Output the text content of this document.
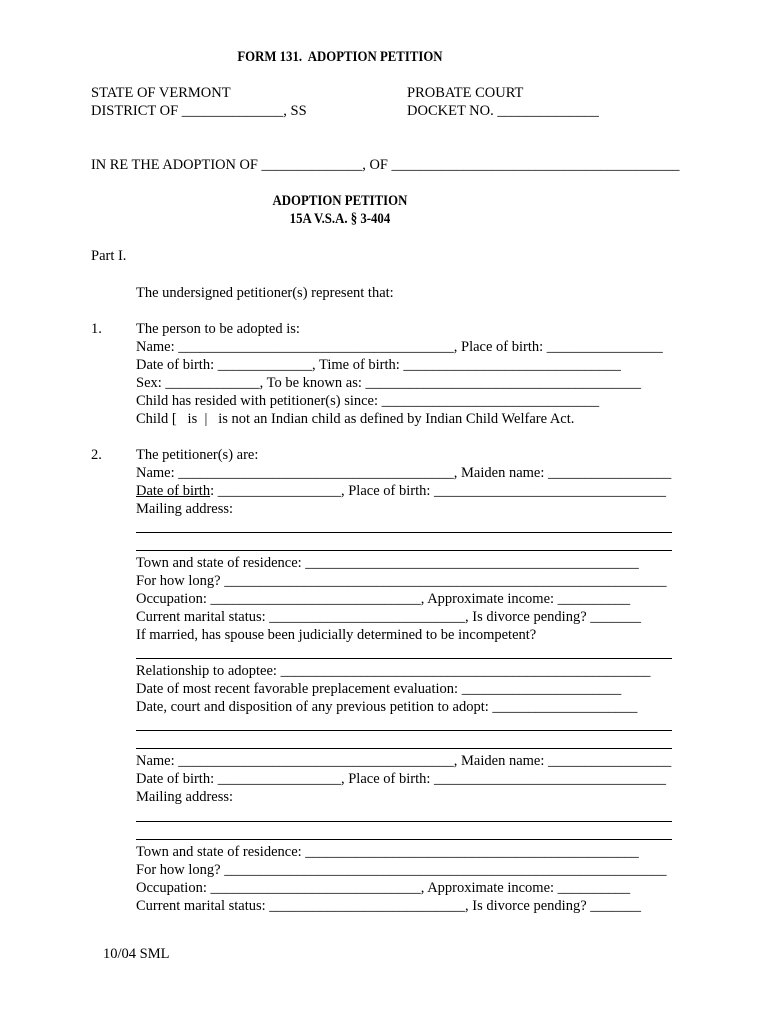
FORM 131.  ADOPTION PETITION
STATE OF VERMONT
DISTRICT OF ______________, SS
PROBATE COURT
DOCKET NO. ______________
IN RE THE ADOPTION OF ______________, OF ________________________________________
ADOPTION PETITION
15A V.S.A. § 3-404
Part I.
The undersigned petitioner(s) represent that:
1. The person to be adopted is:
Name: ______________________________________, Place of birth: ________________
Date of birth: _____________, Time of birth: ______________________________
Sex: _____________, To be known as: ______________________________________
Child has resided with petitioner(s) since: ______________________________
Child [   is  |   is not an Indian child as defined by Indian Child Welfare Act.
2. The petitioner(s) are:
Name: ______________________________________, Maiden name: _________________
Date of birth: _________________, Place of birth: ________________________________
Mailing address:
Town and state of residence: ______________________________________________
For how long? _____________________________________________________________
Occupation: _____________________________, Approximate income: __________
Current marital status: ___________________________, Is divorce pending? _______
If married, has spouse been judicially determined to be incompetent?
Relationship to adoptee: ___________________________________________________
Date of most recent favorable preplacement evaluation: ______________________
Date, court and disposition of any previous petition to adopt: ____________________
Name: ______________________________________, Maiden name: _________________
Date of birth: _________________, Place of birth: ________________________________
Mailing address:
Town and state of residence: ______________________________________________
For how long? _____________________________________________________________
Occupation: _____________________________, Approximate income: __________
Current marital status: ___________________________, Is divorce pending? _______
10/04 SML
